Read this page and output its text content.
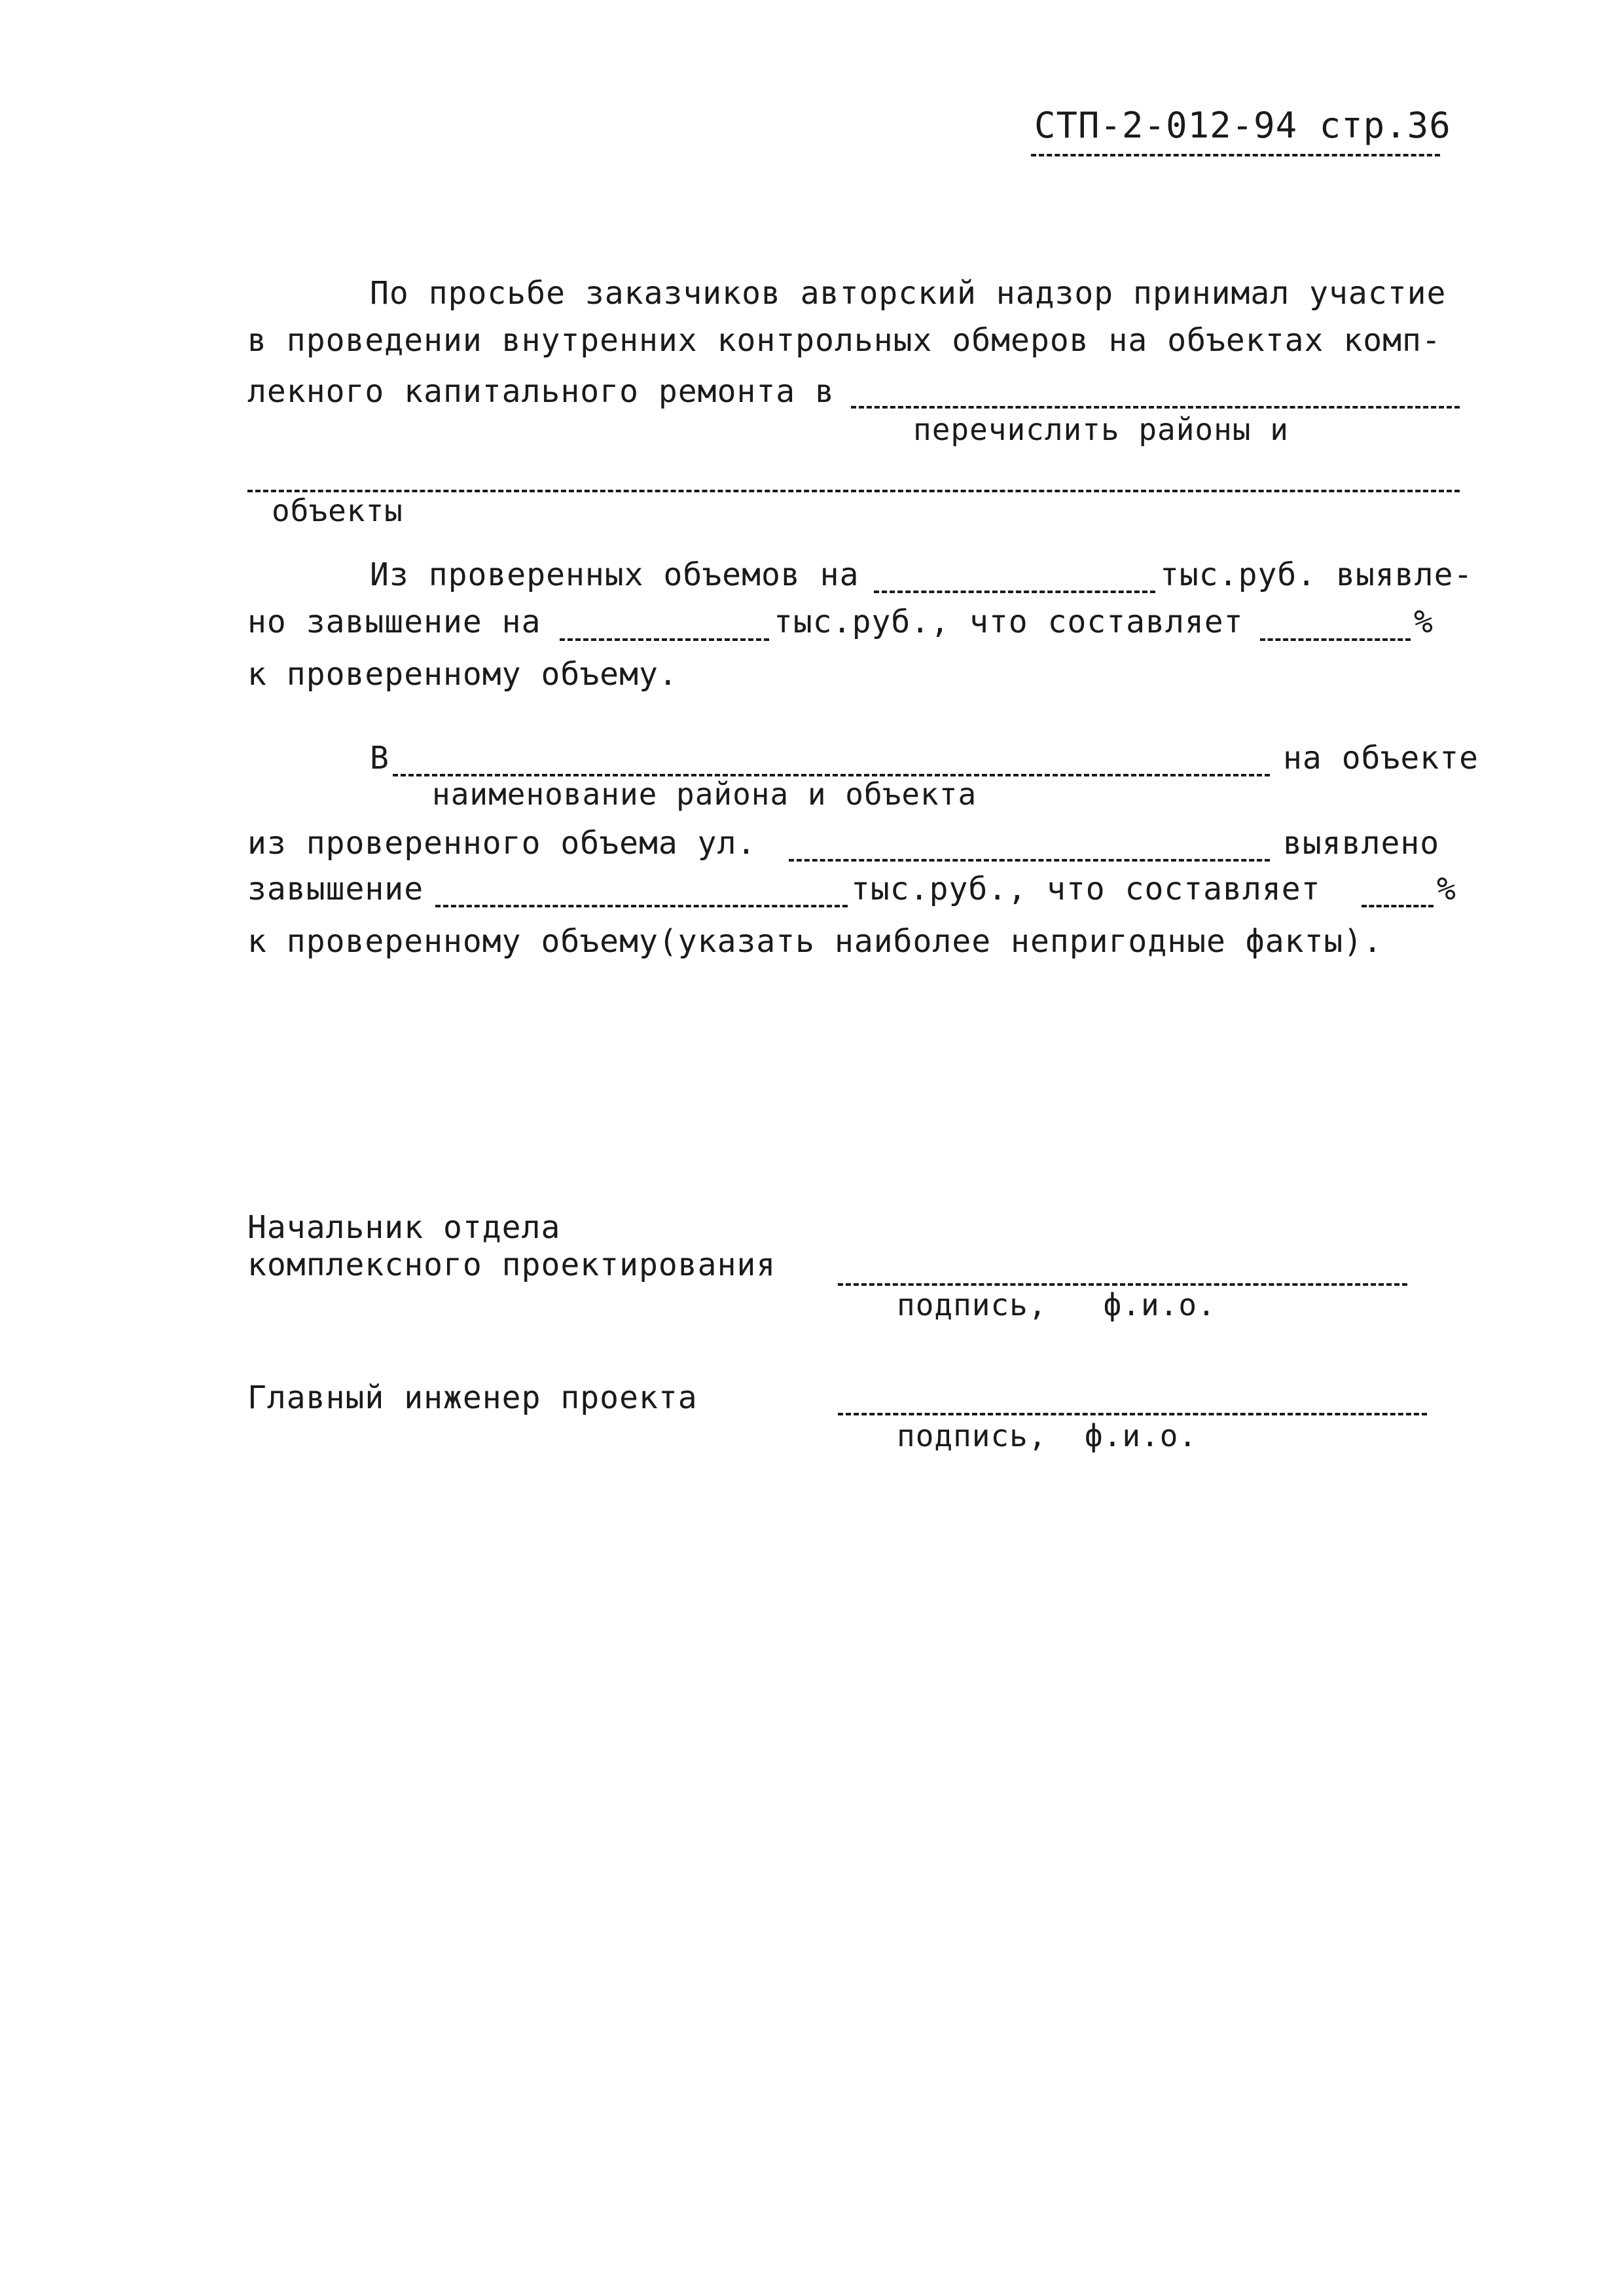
СТП-2-012-94 стр.36
По просьбе заказчиков авторский надзор принимал участие
в проведении внутренних контрольных обмеров на объектах комп-
лекного капитального ремонта в
перечислить районы и
объекты
Из проверенных объемов на	тыс.руб. выявле-
но завышение на	тыс.руб., что составляет	%
к проверенному объему.
В	на объекте
наименование района и объекта
из проверенного объема ул.	выявлено
завышение	тыс.руб., что составляет	%
к проверенному объему(указать наиболее непригодные факты).
Начальник отдела
комплексного проектирования
подпись,   ф.и.о.
Главный инженер проекта
подпись,  ф.и.о.
